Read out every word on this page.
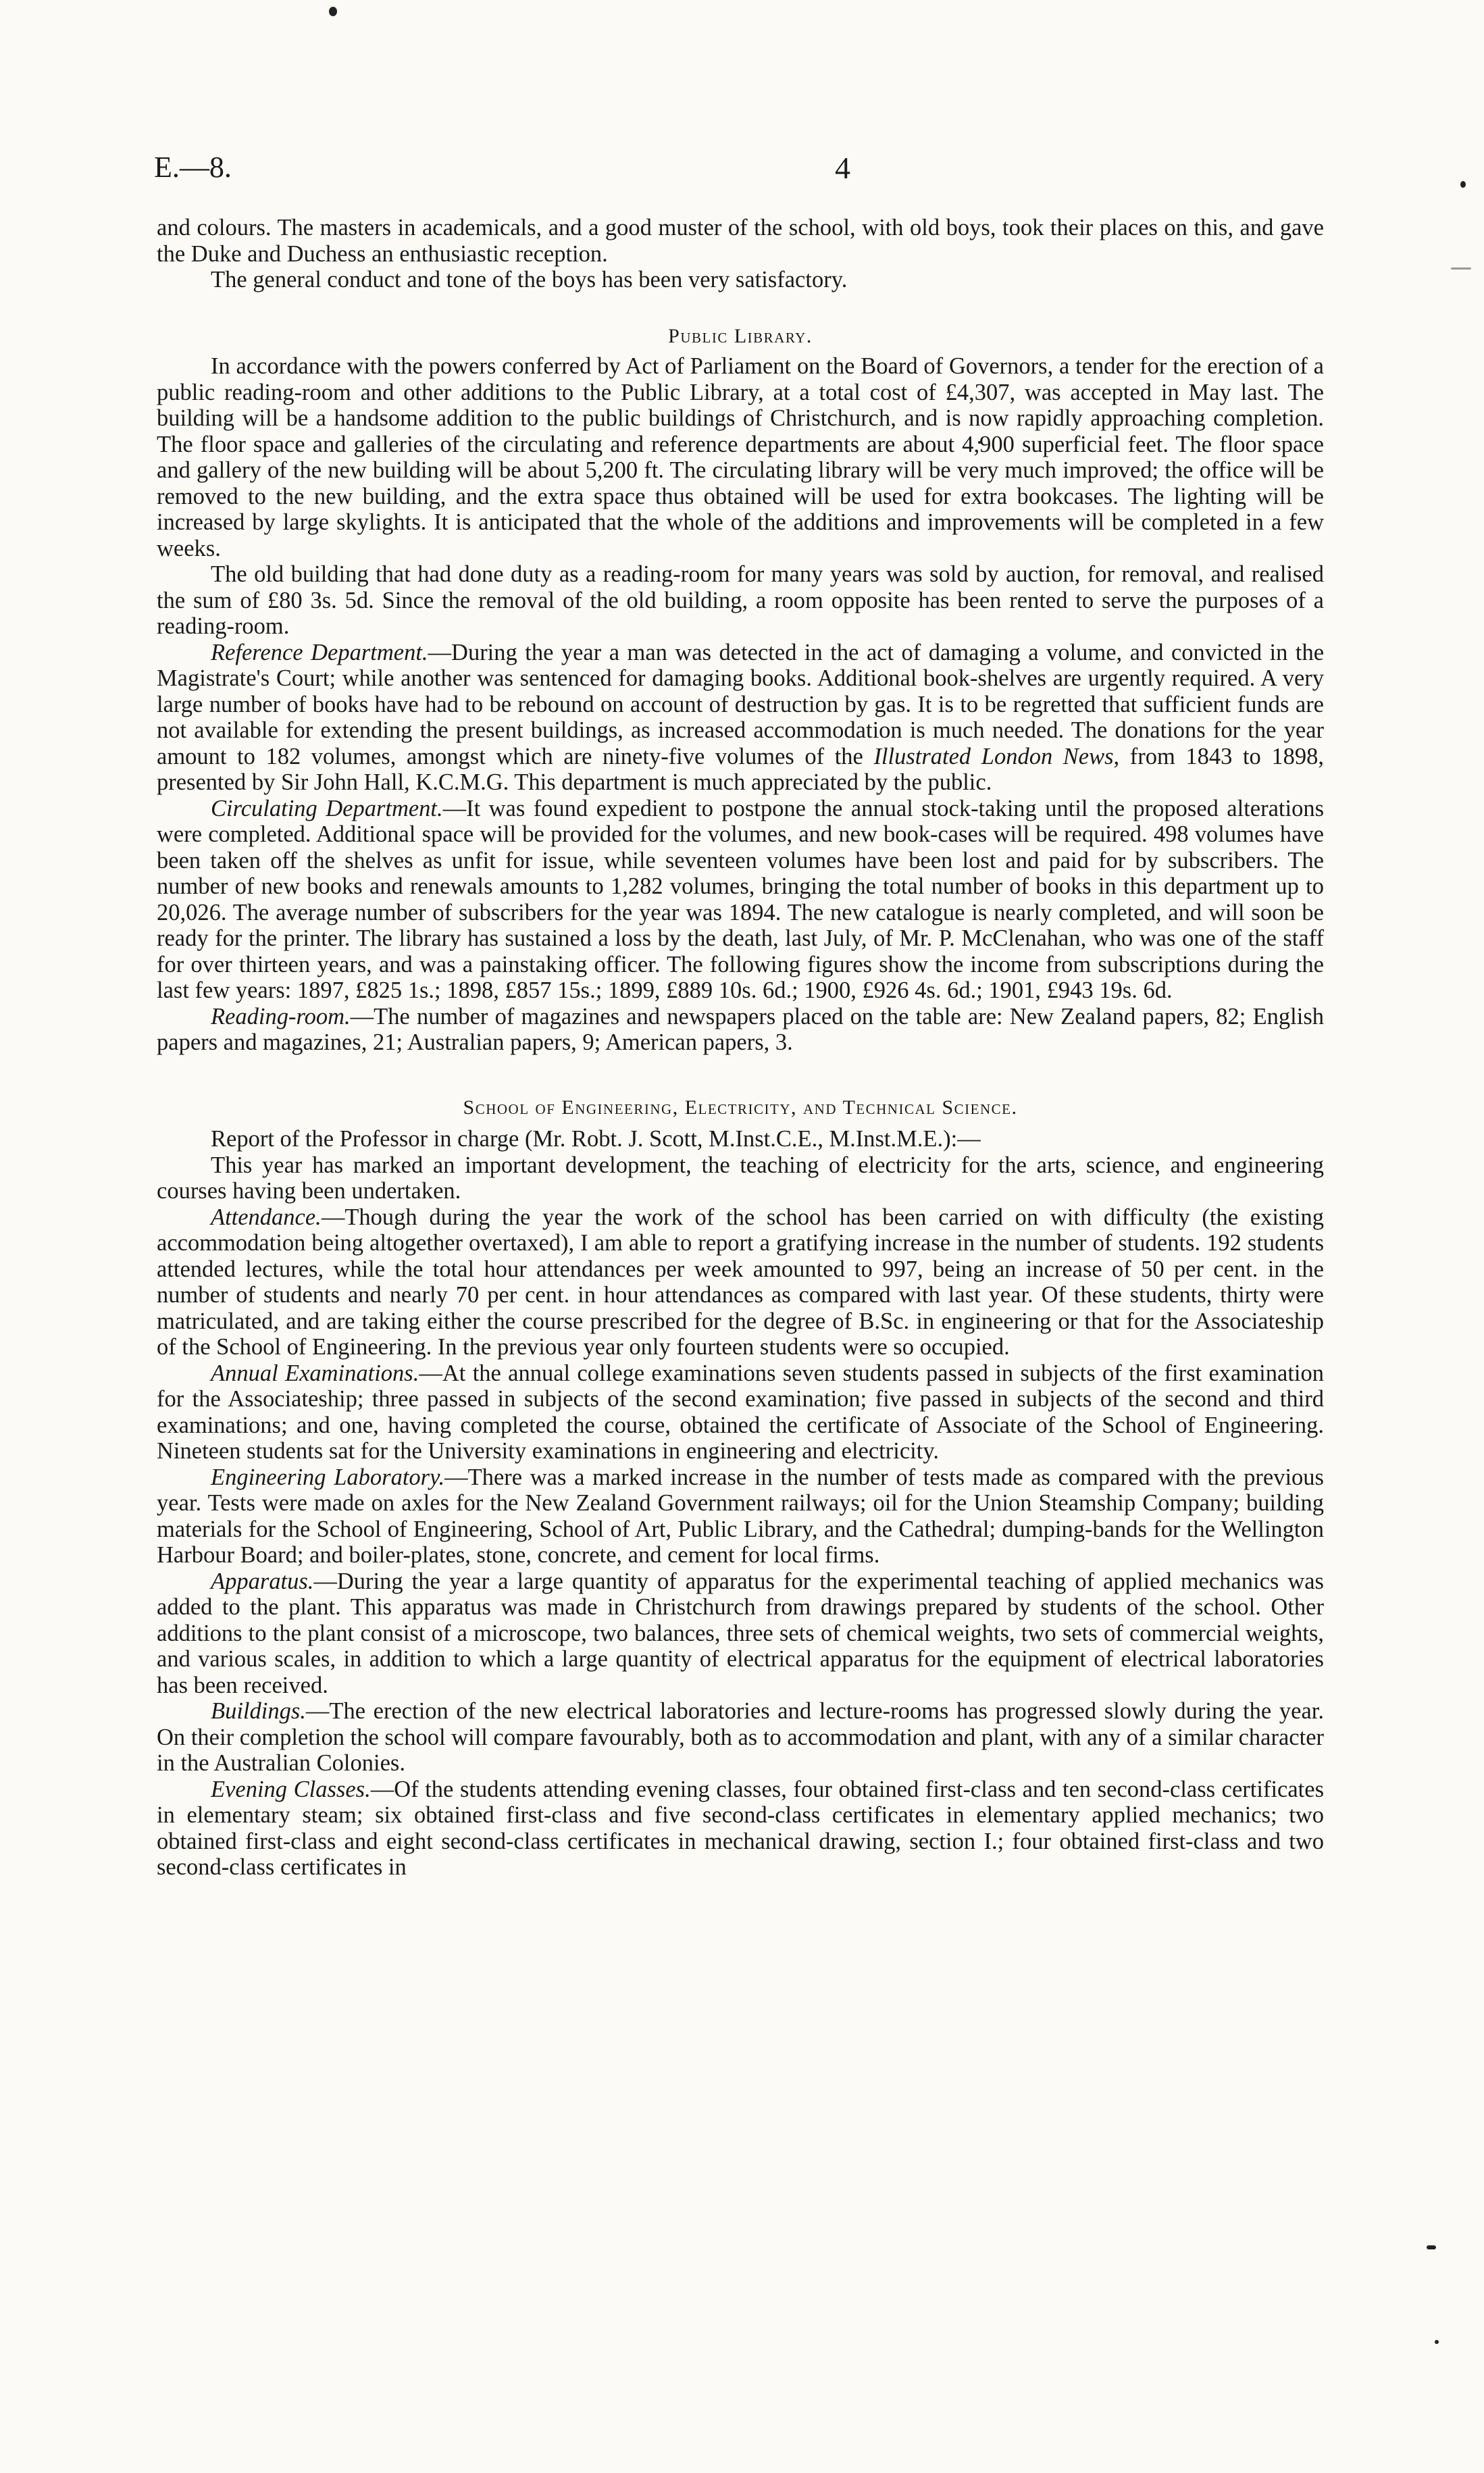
E.—8.	4

and colours. The masters in academicals, and a good muster of the school, with old boys, took their places on this, and gave the Duke and Duchess an enthusiastic reception.

The general conduct and tone of the boys has been very satisfactory.

Public Library.

In accordance with the powers conferred by Act of Parliament on the Board of Governors, a tender for the erection of a public reading-room and other additions to the Public Library, at a total cost of £4,307, was accepted in May last. The building will be a handsome addition to the public buildings of Christchurch, and is now rapidly approaching completion. The floor space and galleries of the circulating and reference departments are about 4,900 superficial feet. The floor space and gallery of the new building will be about 5,200 ft. The circulating library will be very much improved; the office will be removed to the new building, and the extra space thus obtained will be used for extra bookcases. The lighting will be increased by large skylights. It is anticipated that the whole of the additions and improvements will be completed in a few weeks.

The old building that had done duty as a reading-room for many years was sold by auction, for removal, and realised the sum of £80 3s. 5d. Since the removal of the old building, a room opposite has been rented to serve the purposes of a reading-room.

Reference Department.—During the year a man was detected in the act of damaging a volume, and convicted in the Magistrate's Court; while another was sentenced for damaging books. Additional book-shelves are urgently required. A very large number of books have had to be rebound on account of destruction by gas. It is to be regretted that sufficient funds are not available for extending the present buildings, as increased accommodation is much needed. The donations for the year amount to 182 volumes, amongst which are ninety-five volumes of the Illustrated London News, from 1843 to 1898, presented by Sir John Hall, K.C.M.G. This department is much appreciated by the public.

Circulating Department.—It was found expedient to postpone the annual stock-taking until the proposed alterations were completed. Additional space will be provided for the volumes, and new book-cases will be required. 498 volumes have been taken off the shelves as unfit for issue, while seventeen volumes have been lost and paid for by subscribers. The number of new books and renewals amounts to 1,282 volumes, bringing the total number of books in this department up to 20,026. The average number of subscribers for the year was 1894. The new catalogue is nearly completed, and will soon be ready for the printer. The library has sustained a loss by the death, last July, of Mr. P. McClenahan, who was one of the staff for over thirteen years, and was a painstaking officer. The following figures show the income from subscriptions during the last few years: 1897, £825 1s.; 1898, £857 15s.; 1899, £889 10s. 6d.; 1900, £926 4s. 6d.; 1901, £943 19s. 6d.

Reading-room.—The number of magazines and newspapers placed on the table are: New Zealand papers, 82; English papers and magazines, 21; Australian papers, 9; American papers, 3.

School of Engineering, Electricity, and Technical Science.

Report of the Professor in charge (Mr. Robt. J. Scott, M.Inst.C.E., M.Inst.M.E.):—

This year has marked an important development, the teaching of electricity for the arts, science, and engineering courses having been undertaken.

Attendance.—Though during the year the work of the school has been carried on with difficulty (the existing accommodation being altogether overtaxed), I am able to report a gratifying increase in the number of students. 192 students attended lectures, while the total hour attendances per week amounted to 997, being an increase of 50 per cent. in the number of students and nearly 70 per cent. in hour attendances as compared with last year. Of these students, thirty were matriculated, and are taking either the course prescribed for the degree of B.Sc. in engineering or that for the Associateship of the School of Engineering. In the previous year only fourteen students were so occupied.

Annual Examinations.—At the annual college examinations seven students passed in subjects of the first examination for the Associateship; three passed in subjects of the second examination; five passed in subjects of the second and third examinations; and one, having completed the course, obtained the certificate of Associate of the School of Engineering. Nineteen students sat for the University examinations in engineering and electricity.

Engineering Laboratory.—There was a marked increase in the number of tests made as compared with the previous year. Tests were made on axles for the New Zealand Government railways; oil for the Union Steamship Company; building materials for the School of Engineering, School of Art, Public Library, and the Cathedral; dumping-bands for the Wellington Harbour Board; and boiler-plates, stone, concrete, and cement for local firms.

Apparatus.—During the year a large quantity of apparatus for the experimental teaching of applied mechanics was added to the plant. This apparatus was made in Christchurch from drawings prepared by students of the school. Other additions to the plant consist of a microscope, two balances, three sets of chemical weights, two sets of commercial weights, and various scales, in addition to which a large quantity of electrical apparatus for the equipment of electrical laboratories has been received.

Buildings.—The erection of the new electrical laboratories and lecture-rooms has progressed slowly during the year. On their completion the school will compare favourably, both as to accommodation and plant, with any of a similar character in the Australian Colonies.

Evening Classes.—Of the students attending evening classes, four obtained first-class and ten second-class certificates in elementary steam; six obtained first-class and five second-class certificates in elementary applied mechanics; two obtained first-class and eight second-class certificates in mechanical drawing, section I.; four obtained first-class and two second-class certificates in
